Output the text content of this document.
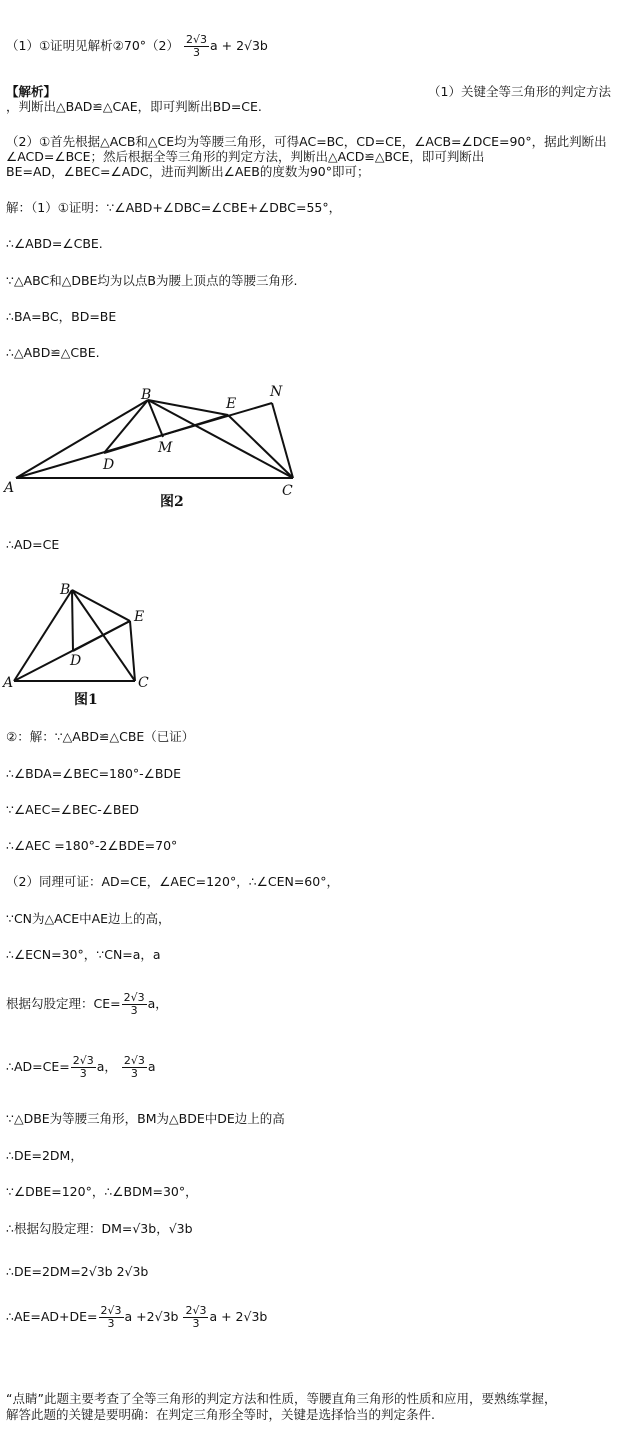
（1）①证明见解析②70°（2） $\frac{2√3}{3}$ a + 2√3b
【解析】	（1）关键全等三角形的判定方法
，判断出△BAD≌△CAE，即可判断出BD=CE.
（2）①首先根据△ACB和△CE均为等腰三角形，可得AC=BC，CD=CE，∠ACB=∠DCE=90°，据此判断出
∠ACD=∠BCE；然后根据全等三角形的判定方法，判断出△ACD≌△BCE，即可判断出
BE=AD，∠BEC=∠ADC，进而判断出∠AEB的度数为90°即可；
解：（1）①证明：∵∠ABD+∠DBC=∠CBE+∠DBC=55°，
∴∠ABD=∠CBE.
∵△ABC和△DBE均为以点B为腰上顶点的等腰三角形.
∴BA=BC，BD=BE
∴△ABD≌△CBE.
A
B
C
D
E
M
N
图2
∴AD=CE
A
B
C
D
E
图1
②：解：∵△ABD≌△CBE（已证）
∴∠BDA=∠BEC=180°-∠BDE
∵∠AEC=∠BEC-∠BED
∴∠AEC =180°-2∠BDE=70°
（2）同理可证：AD=CE，∠AEC=120°，∴∠CEN=60°，
∵CN为△ACE中AE边上的高，
∴∠ECN=30°，∵CN=a，a
根据勾股定理：$CE= \frac{2√3}{3}$ a，
∴AD=CE= $\frac{2√3}{3}$ a， $\frac{2√3}{3}$ a
∵△DBE为等腰三角形，BM为△BDE中DE边上的高
∴DE=2DM，
∵∠DBE=120°，∴∠BDM=30°，
∴根据勾股定理：DM=√3b，√3b
∴DE=2DM=2√3b 2√3b
∴AE=AD+DE= $\frac{2√3}{3}$ $a +2√3b \frac{2√3}{3}$ a + 2√3b
“点睛”此题主要考查了全等三角形的判定方法和性质，等腰直角三角形的性质和应用，要熟练掌握，
解答此题的关键是要明确：在判定三角形全等时，关键是选择恰当的判定条件.
